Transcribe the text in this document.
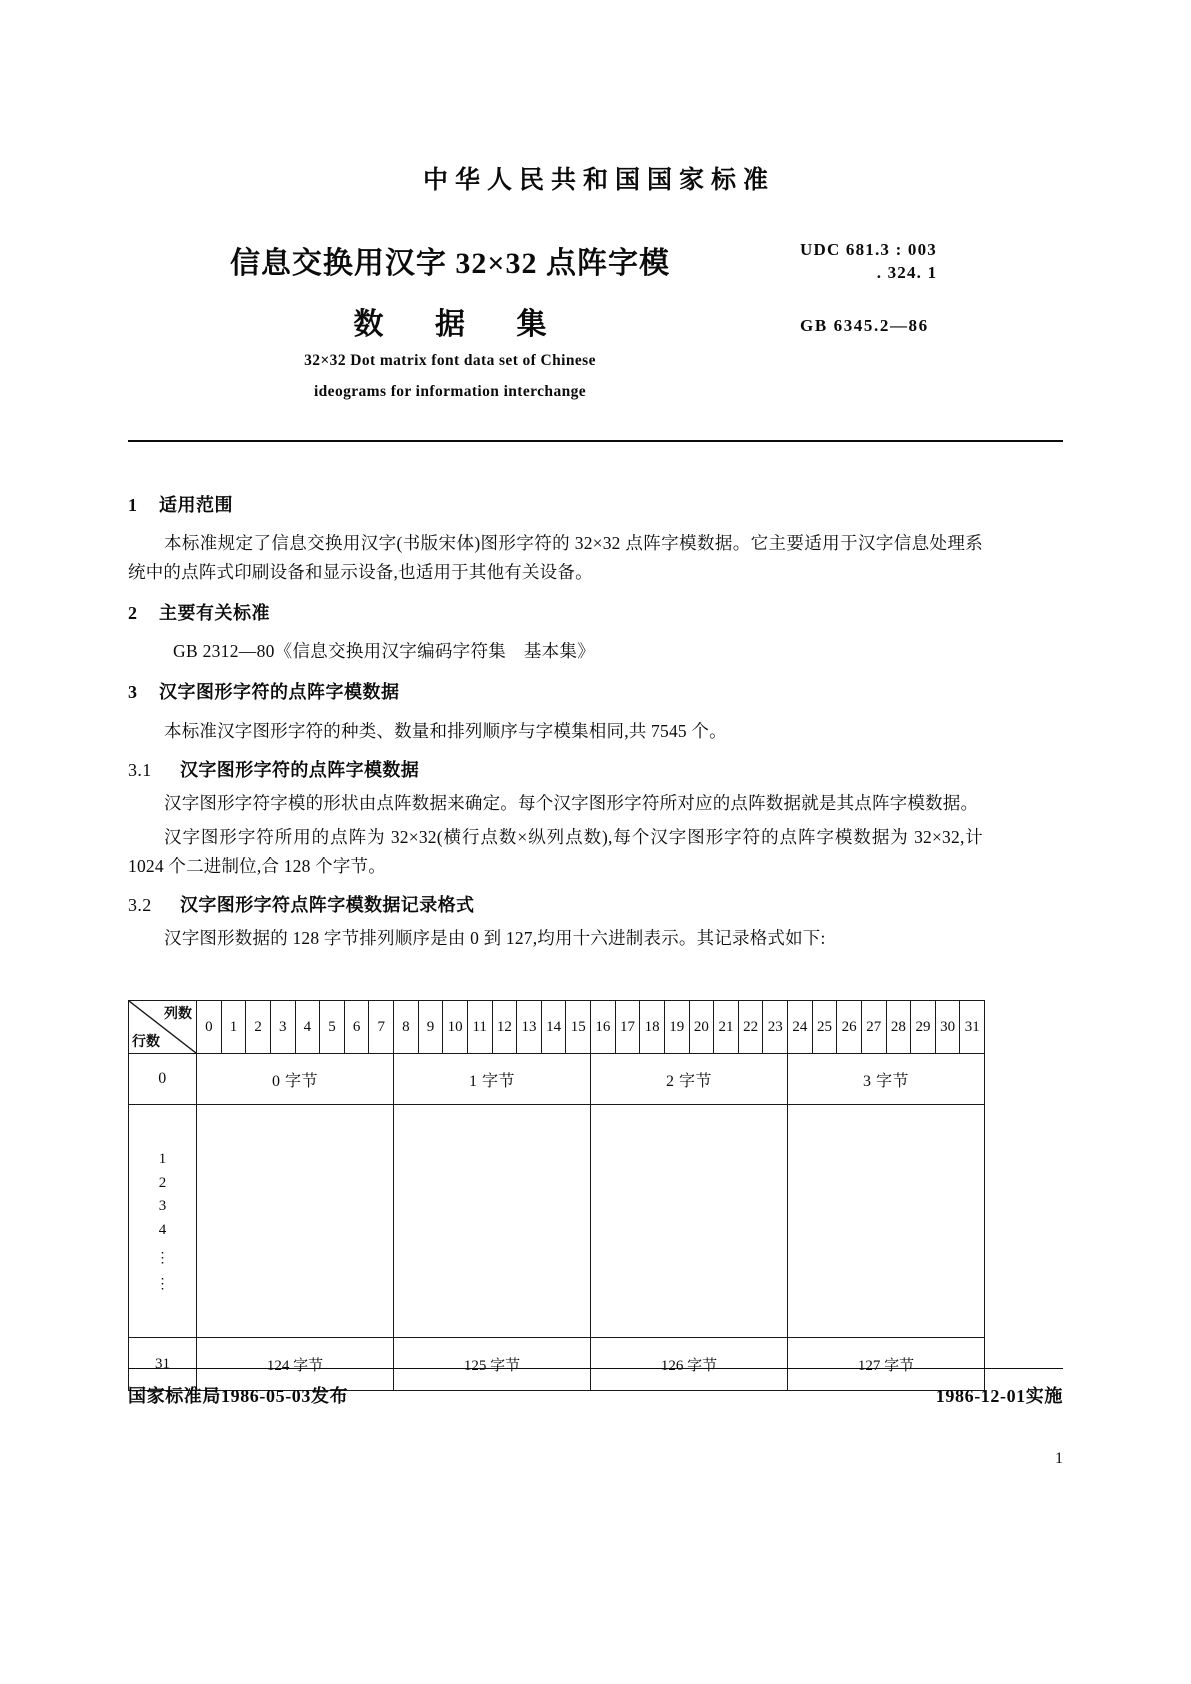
中华人民共和国国家标准
信息交换用汉字 32×32 点阵字模
数 据 集
UDC 681.3 : 003
. 324. 1
GB 6345.2—86
32×32 Dot matrix font data set of Chinese
ideograms for information interchange
1 适用范围

本标准规定了信息交换用汉字(书版宋体)图形字符的 32×32 点阵字模数据。它主要适用于汉字信息处理系统中的点阵式印刷设备和显示设备,也适用于其他有关设备。

2 主要有关标准

GB 2312—80《信息交换用汉字编码字符集　基本集》

3 汉字图形字符的点阵字模数据

本标准汉字图形字符的种类、数量和排列顺序与字模集相同,共 7545 个。

3.1 汉字图形字符的点阵字模数据

汉字图形字符字模的形状由点阵数据来确定。每个汉字图形字符所对应的点阵数据就是其点阵字模数据。

汉字图形字符所用的点阵为 32×32(横行点数×纵列点数),每个汉字图形字符的点阵字模数据为 32×32,计 1024 个二进制位,合 128 个字节。

3.2 汉字图形字符点阵字模数据记录格式

汉字图形数据的 128 字节排列顺序是由 0 到 127,均用十六进制表示。其记录格式如下:

列数
行数	0	1	2	3	4	5	6	7	8	9	10	11	12	13	14	15	16	17	18	19	20	21	22	23	24	25	26	27	28	29	30	31
0	0 字节								1 字节								2 字节								3 字节							

1
2
3
4
⋮
⋮

31	124 字节								125 字节								126 字节								127 字节							
国家标准局1986-05-03发布	1986-12-01实施
1
